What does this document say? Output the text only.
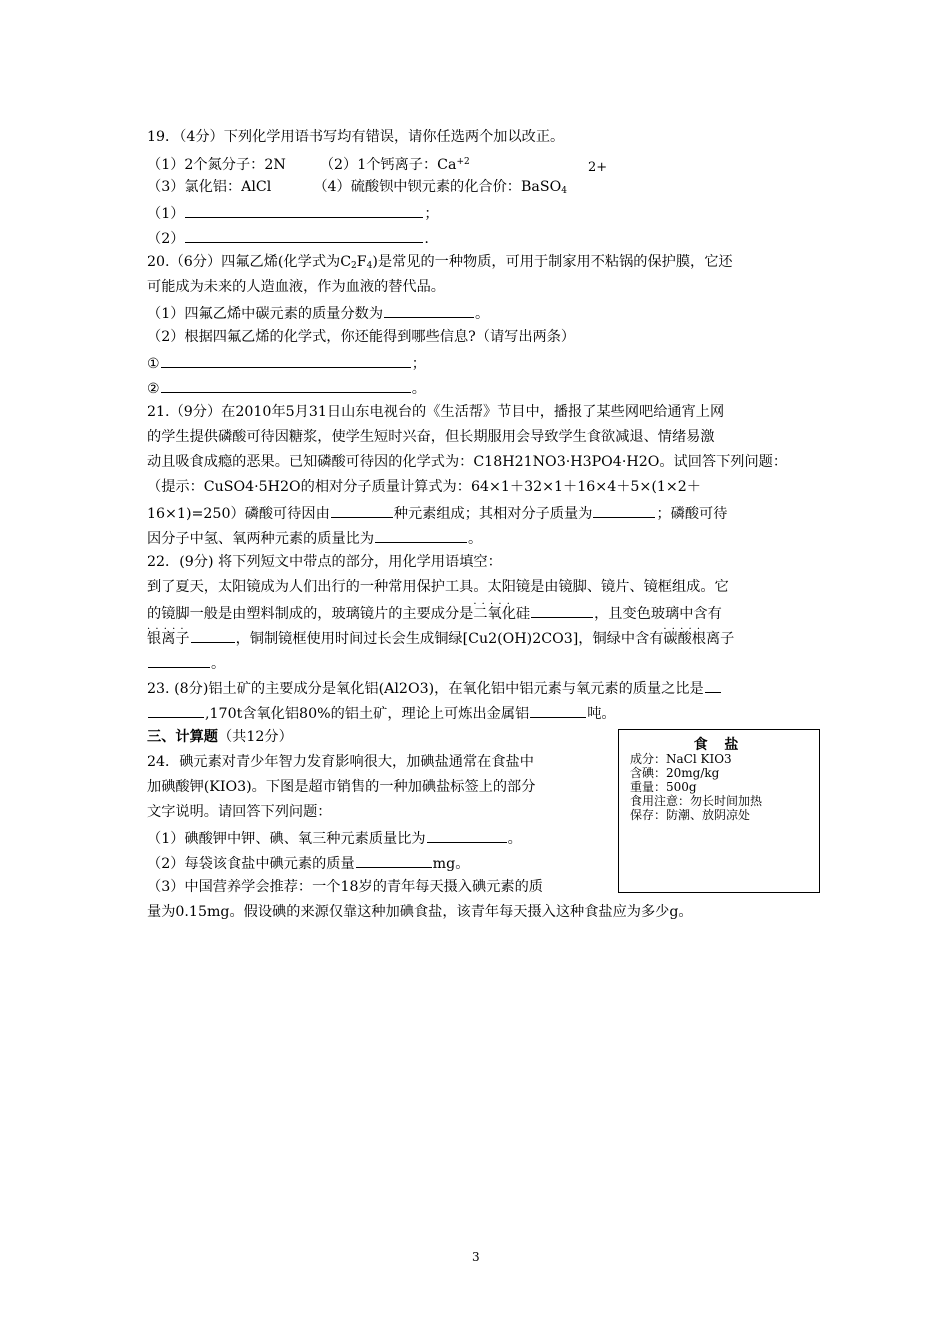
19．（4分）下列化学用语书写均有错误，请你任选两个加以改正。
（1）2个氮分子：2N （2）1个钙离子：$Ca^{+2}$	2+
（3）氯化铝：AlCl	（4）硫酸钡中钡元素的化合价：BaSO$_4$
（1）	；
（2）	.
20.（6分）四氟乙烯(化学式为$C_2F_4$)是常见的一种物质，可用于制家用不粘锅的保护膜，它还
可能成为未来的人造血液，作为血液的替代品。
（1）四氟乙烯中碳元素的质量分数为	。
（2）根据四氟乙烯的化学式，你还能得到哪些信息?（请写出两条）
①	；
②	。
21.（9分）在2010年5月31日山东电视台的《生活帮》节目中，播报了某些网吧给通宵上网
的学生提供磷酸可待因糖浆，使学生短时兴奋，但长期服用会导致学生食欲减退、情绪易激
动且吸食成瘾的恶果。已知磷酸可待因的化学式为：C18H21NO3·H3PO4·H2O。试回答下列问题：
（提示：CuSO4·5H2O的相对分子质量计算式为：64×1＋32×1＋16×4＋5×(1×2＋
16×1)=250）磷酸可待因由	种元素组成；其相对分子质量为	；磷酸可待
因分子中氢、氧两种元素的质量比为	。
22．(9分) 将下列短文中带点的部分，用化学用语填空：
到了夏天，太阳镜成为人们出行的一种常用保护工具。太阳镜是由镜脚、镜片、镜框组成。它
的镜脚一般是由塑料制成的，玻璃镜片的主要成分是二氧化硅 · · ·	，且变色玻璃中含有
银离子 · · ·	，铜制镜框使用时间过长会生成铜绿[Cu2(OH)2CO3]，铜绿中含有碳酸根离子 · · ·
。
23. (8分)铝土矿的主要成分是氧化铝(Al2O3)，在氧化铝中铝元素与氧元素的质量之比是
,170t含氧化铝80%的铝土矿，理论上可炼出金属铝	吨。
三、计算题（共12分）
24．碘元素对青少年智力发育影响很大，加碘盐通常在食盐中
加碘酸钾(KIO3)。下图是超市销售的一种加碘盐标签上的部分
文字说明。请回答下列问题：
（1）碘酸钾中钾、碘、氧三种元素质量比为	。
（2）每袋该食盐中碘元素的质量	mg。
（3）中国营养学会推荐：一个18岁的青年每天摄入碘元素的质
量为0.15mg。假设碘的来源仅靠这种加碘食盐，该青年每天摄入这种食盐应为多少g。
食 盐
成分：NaCl KIO3
含碘：20mg/kg
重量：500g
食用注意：勿长时间加热
保存：防潮、放阴凉处
3
